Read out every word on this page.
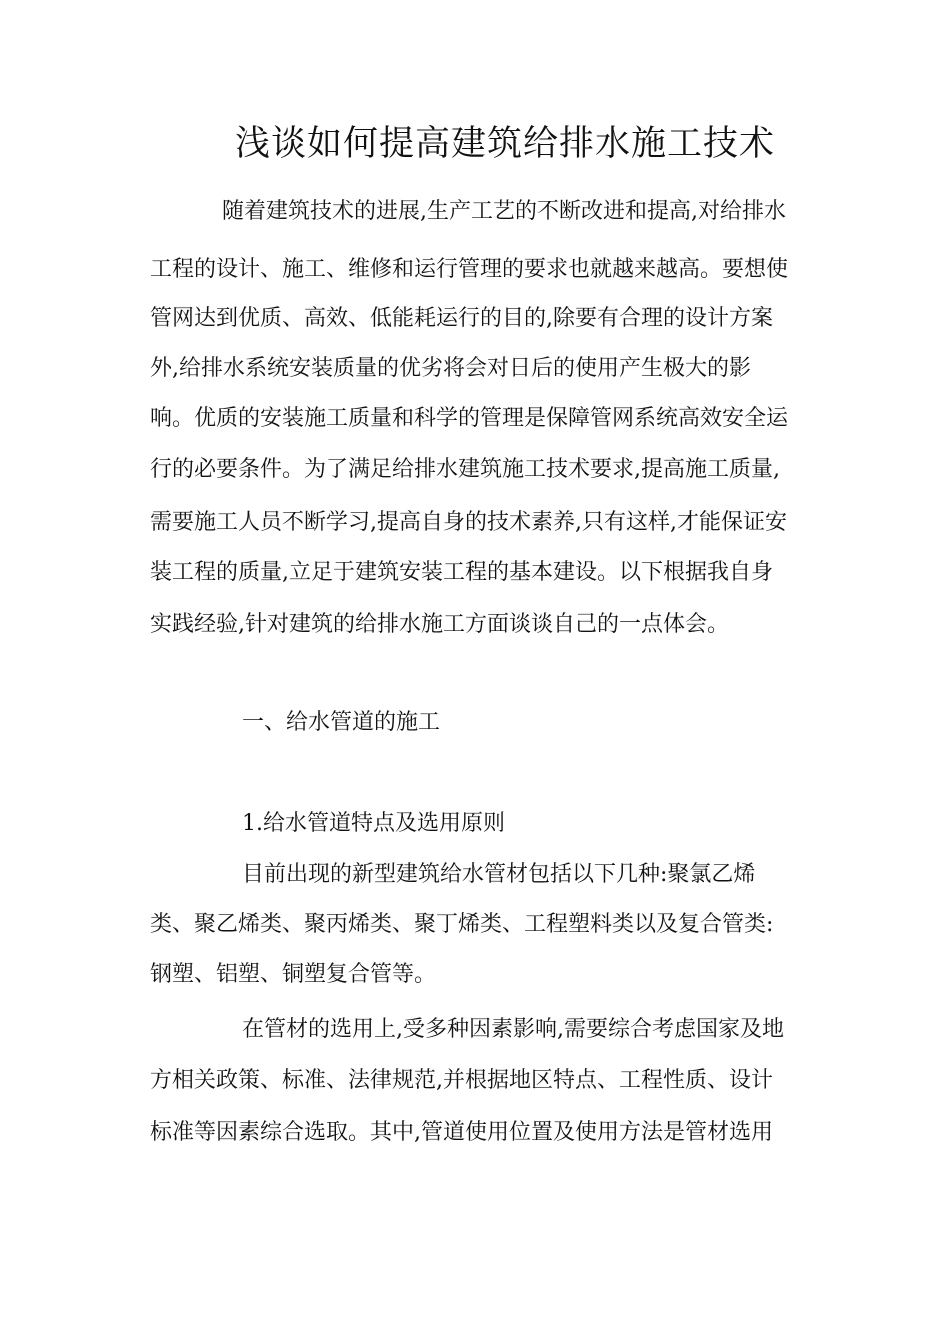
浅谈如何提高建筑给排水施工技术
随着建筑技术的进展,生产工艺的不断改进和提高,对给排水
工程的设计、施工、维修和运行管理的要求也就越来越高。要想使
管网达到优质、高效、低能耗运行的目的,除要有合理的设计方案
外,给排水系统安装质量的优劣将会对日后的使用产生极大的影
响。优质的安装施工质量和科学的管理是保障管网系统高效安全运
行的必要条件。为了满足给排水建筑施工技术要求,提高施工质量,
需要施工人员不断学习,提高自身的技术素养,只有这样,才能保证安
装工程的质量,立足于建筑安装工程的基本建设。以下根据我自身
实践经验,针对建筑的给排水施工方面谈谈自己的一点体会。
一、给水管道的施工
1.给水管道特点及选用原则
目前出现的新型建筑给水管材包括以下几种:聚氯乙烯
类、聚乙烯类、聚丙烯类、聚丁烯类、工程塑料类以及复合管类:
钢塑、铝塑、铜塑复合管等。
在管材的选用上,受多种因素影响,需要综合考虑国家及地
方相关政策、标准、法律规范,并根据地区特点、工程性质、设计
标准等因素综合选取。其中,管道使用位置及使用方法是管材选用
